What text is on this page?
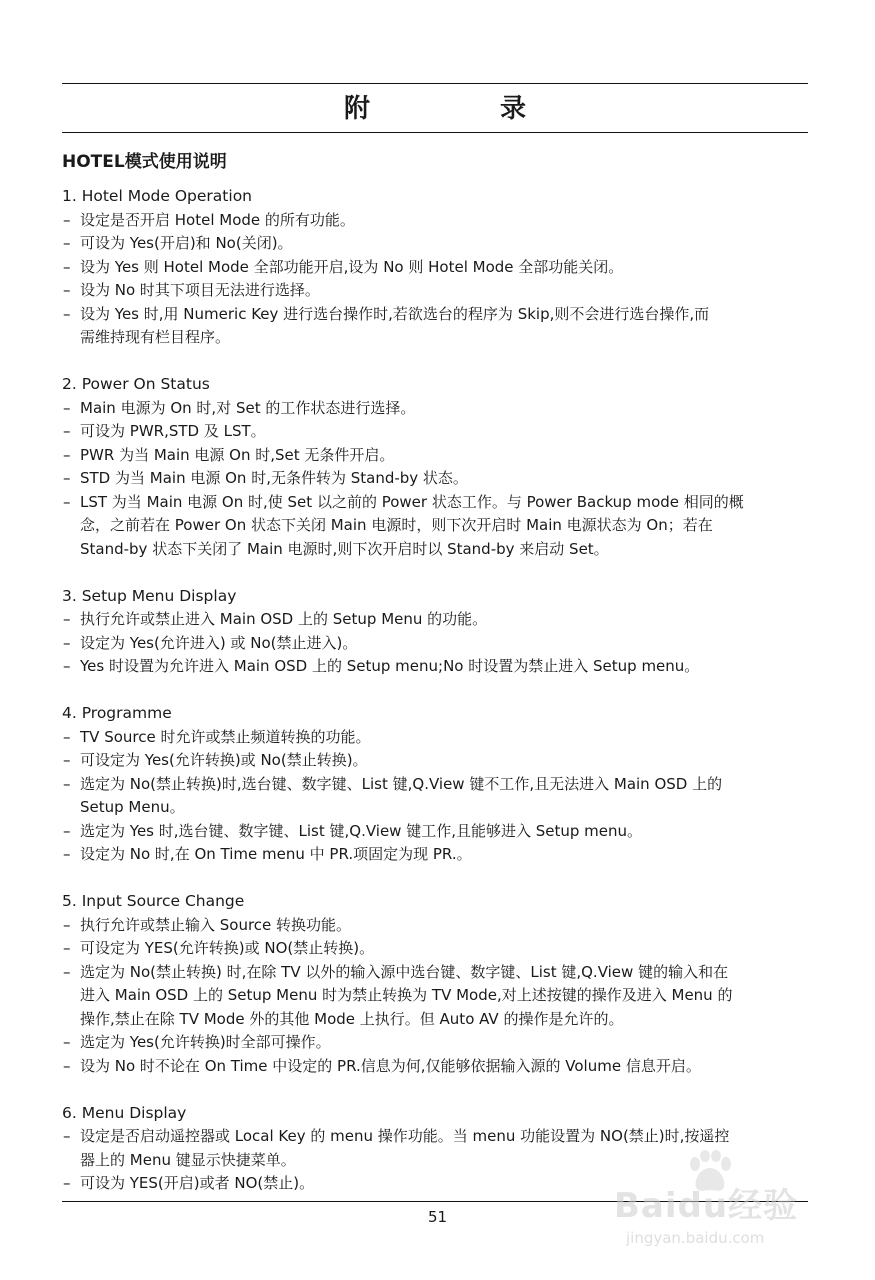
附　录
HOTEL模式使用说明

1. Hotel Mode Operation

– 设定是否开启 Hotel Mode 的所有功能。
– 可设为 Yes(开启)和 No(关闭)。
– 设为 Yes 则 Hotel Mode 全部功能开启,设为 No 则 Hotel Mode 全部功能关闭。
– 设为 No 时其下项目无法进行选择。
– 设为 Yes 时,用 Numeric Key 进行选台操作时,若欲选台的程序为 Skip,则不会进行选台操作,而
需维持现有栏目程序。

2. Power On Status

– Main 电源为 On 时,对 Set 的工作状态进行选择。
– 可设为 PWR,STD 及 LST。
– PWR 为当 Main 电源 On 时,Set 无条件开启。
– STD 为当 Main 电源 On 时,无条件转为 Stand-by 状态。
– LST 为当 Main 电源 On 时,使 Set 以之前的 Power 状态工作。与 Power Backup mode 相同的概
念，之前若在 Power On 状态下关闭 Main 电源时，则下次开启时 Main 电源状态为 On；若在
Stand-by 状态下关闭了 Main 电源时,则下次开启时以 Stand-by 来启动 Set。

3. Setup Menu Display

– 执行允许或禁止进入 Main OSD 上的 Setup Menu 的功能。
– 设定为 Yes(允许进入) 或 No(禁止进入)。
– Yes 时设置为允许进入 Main OSD 上的 Setup menu;No 时设置为禁止进入 Setup menu。

4. Programme

– TV Source 时允许或禁止频道转换的功能。
– 可设定为 Yes(允许转换)或 No(禁止转换)。
– 选定为 No(禁止转换)时,选台键、数字键、List 键,Q.View 键不工作,且无法进入 Main OSD 上的
Setup Menu。
– 选定为 Yes 时,选台键、数字键、List 键,Q.View 键工作,且能够进入 Setup menu。
– 设定为 No 时,在 On Time menu 中 PR.项固定为现 PR.。

5. Input Source Change

– 执行允许或禁止输入 Source 转换功能。
– 可设定为 YES(允许转换)或 NO(禁止转换)。
– 选定为 No(禁止转换) 时,在除 TV 以外的输入源中选台键、数字键、List 键,Q.View 键的输入和在
进入 Main OSD 上的 Setup Menu 时为禁止转换为 TV Mode,对上述按键的操作及进入 Menu 的
操作,禁止在除 TV Mode 外的其他 Mode 上执行。但 Auto AV 的操作是允许的。
– 选定为 Yes(允许转换)时全部可操作。
– 设为 No 时不论在 On Time 中设定的 PR.信息为何,仅能够依据输入源的 Volume 信息开启。

6. Menu Display

– 设定是否启动遥控器或 Local Key 的 menu 操作功能。当 menu 功能设置为 NO(禁止)时,按遥控
器上的 Menu 键显示快捷菜单。
– 可设为 YES(开启)或者 NO(禁止)。
51	Baidu经验
jingyan.baidu.com
